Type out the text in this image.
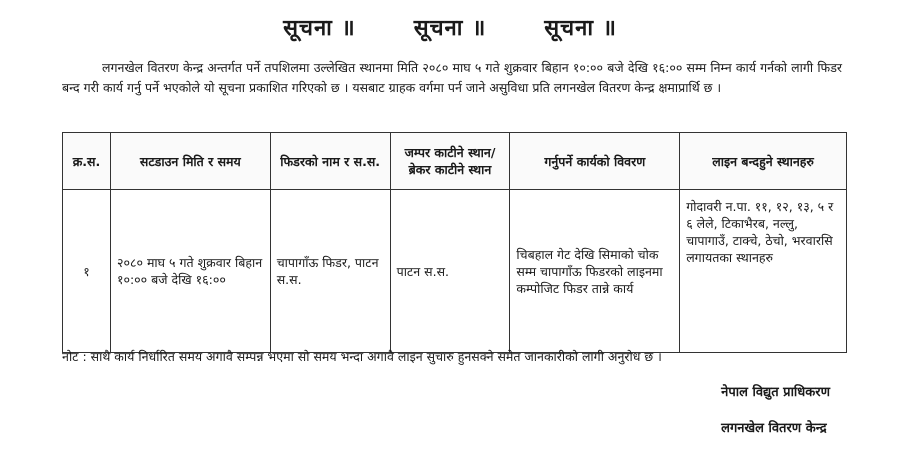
सूचना ॥	सूचना ॥	सूचना ॥
लगनखेल वितरण केन्द्र अन्तर्गत पर्ने तपशिलमा उल्लेखित स्थानमा मिति २०८० माघ ५ गते शुक्रवार बिहान १०:०० बजे देखि १६:०० सम्म निम्न कार्य गर्नको लागी फिडर बन्द गरी कार्य गर्नु पर्ने भएकोले यो सूचना प्रकाशित गरिएको छ । यसबाट ग्राहक वर्गमा पर्न जाने असुविधा प्रति लगनखेल वितरण केन्द्र क्षमाप्रार्थि छ ।
क्र.स.	सटडाउन मिति र समय	फिडरको नाम र स.स.	जम्पर काटीने स्थान/ ब्रेकर काटीने स्थान	गर्नुपर्ने कार्यको विवरण	लाइन बन्दहुने स्थानहरु
१	२०८० माघ ५ गते शुक्रवार बिहान १०:०० बजे देखि १६:००	चापागाँऊ फिडर, पाटन स.स.	पाटन स.स.	चिबहाल गेट देखि सिमाको चोक सम्म चापागाँऊ फिडरको लाइनमा कम्पोजिट फिडर तान्ने कार्य	गोदावरी न.पा. ११, १२, १३, ५ र ६ लेले, टिकाभैरब, नल्लु, चापागाउँ, टाक्चे, ठेचो, भरवारसि लगायतका स्थानहरु
नोट : साथै कार्य निर्धारित समय अगावै सम्पन्न भएमा सो समय भन्दा अगावै लाइन सुचारु हुनसक्ने समेत जानकारीको लागी अनुरोध छ ।
नेपाल विद्युत प्राधिकरण
लगनखेल वितरण केन्द्र
